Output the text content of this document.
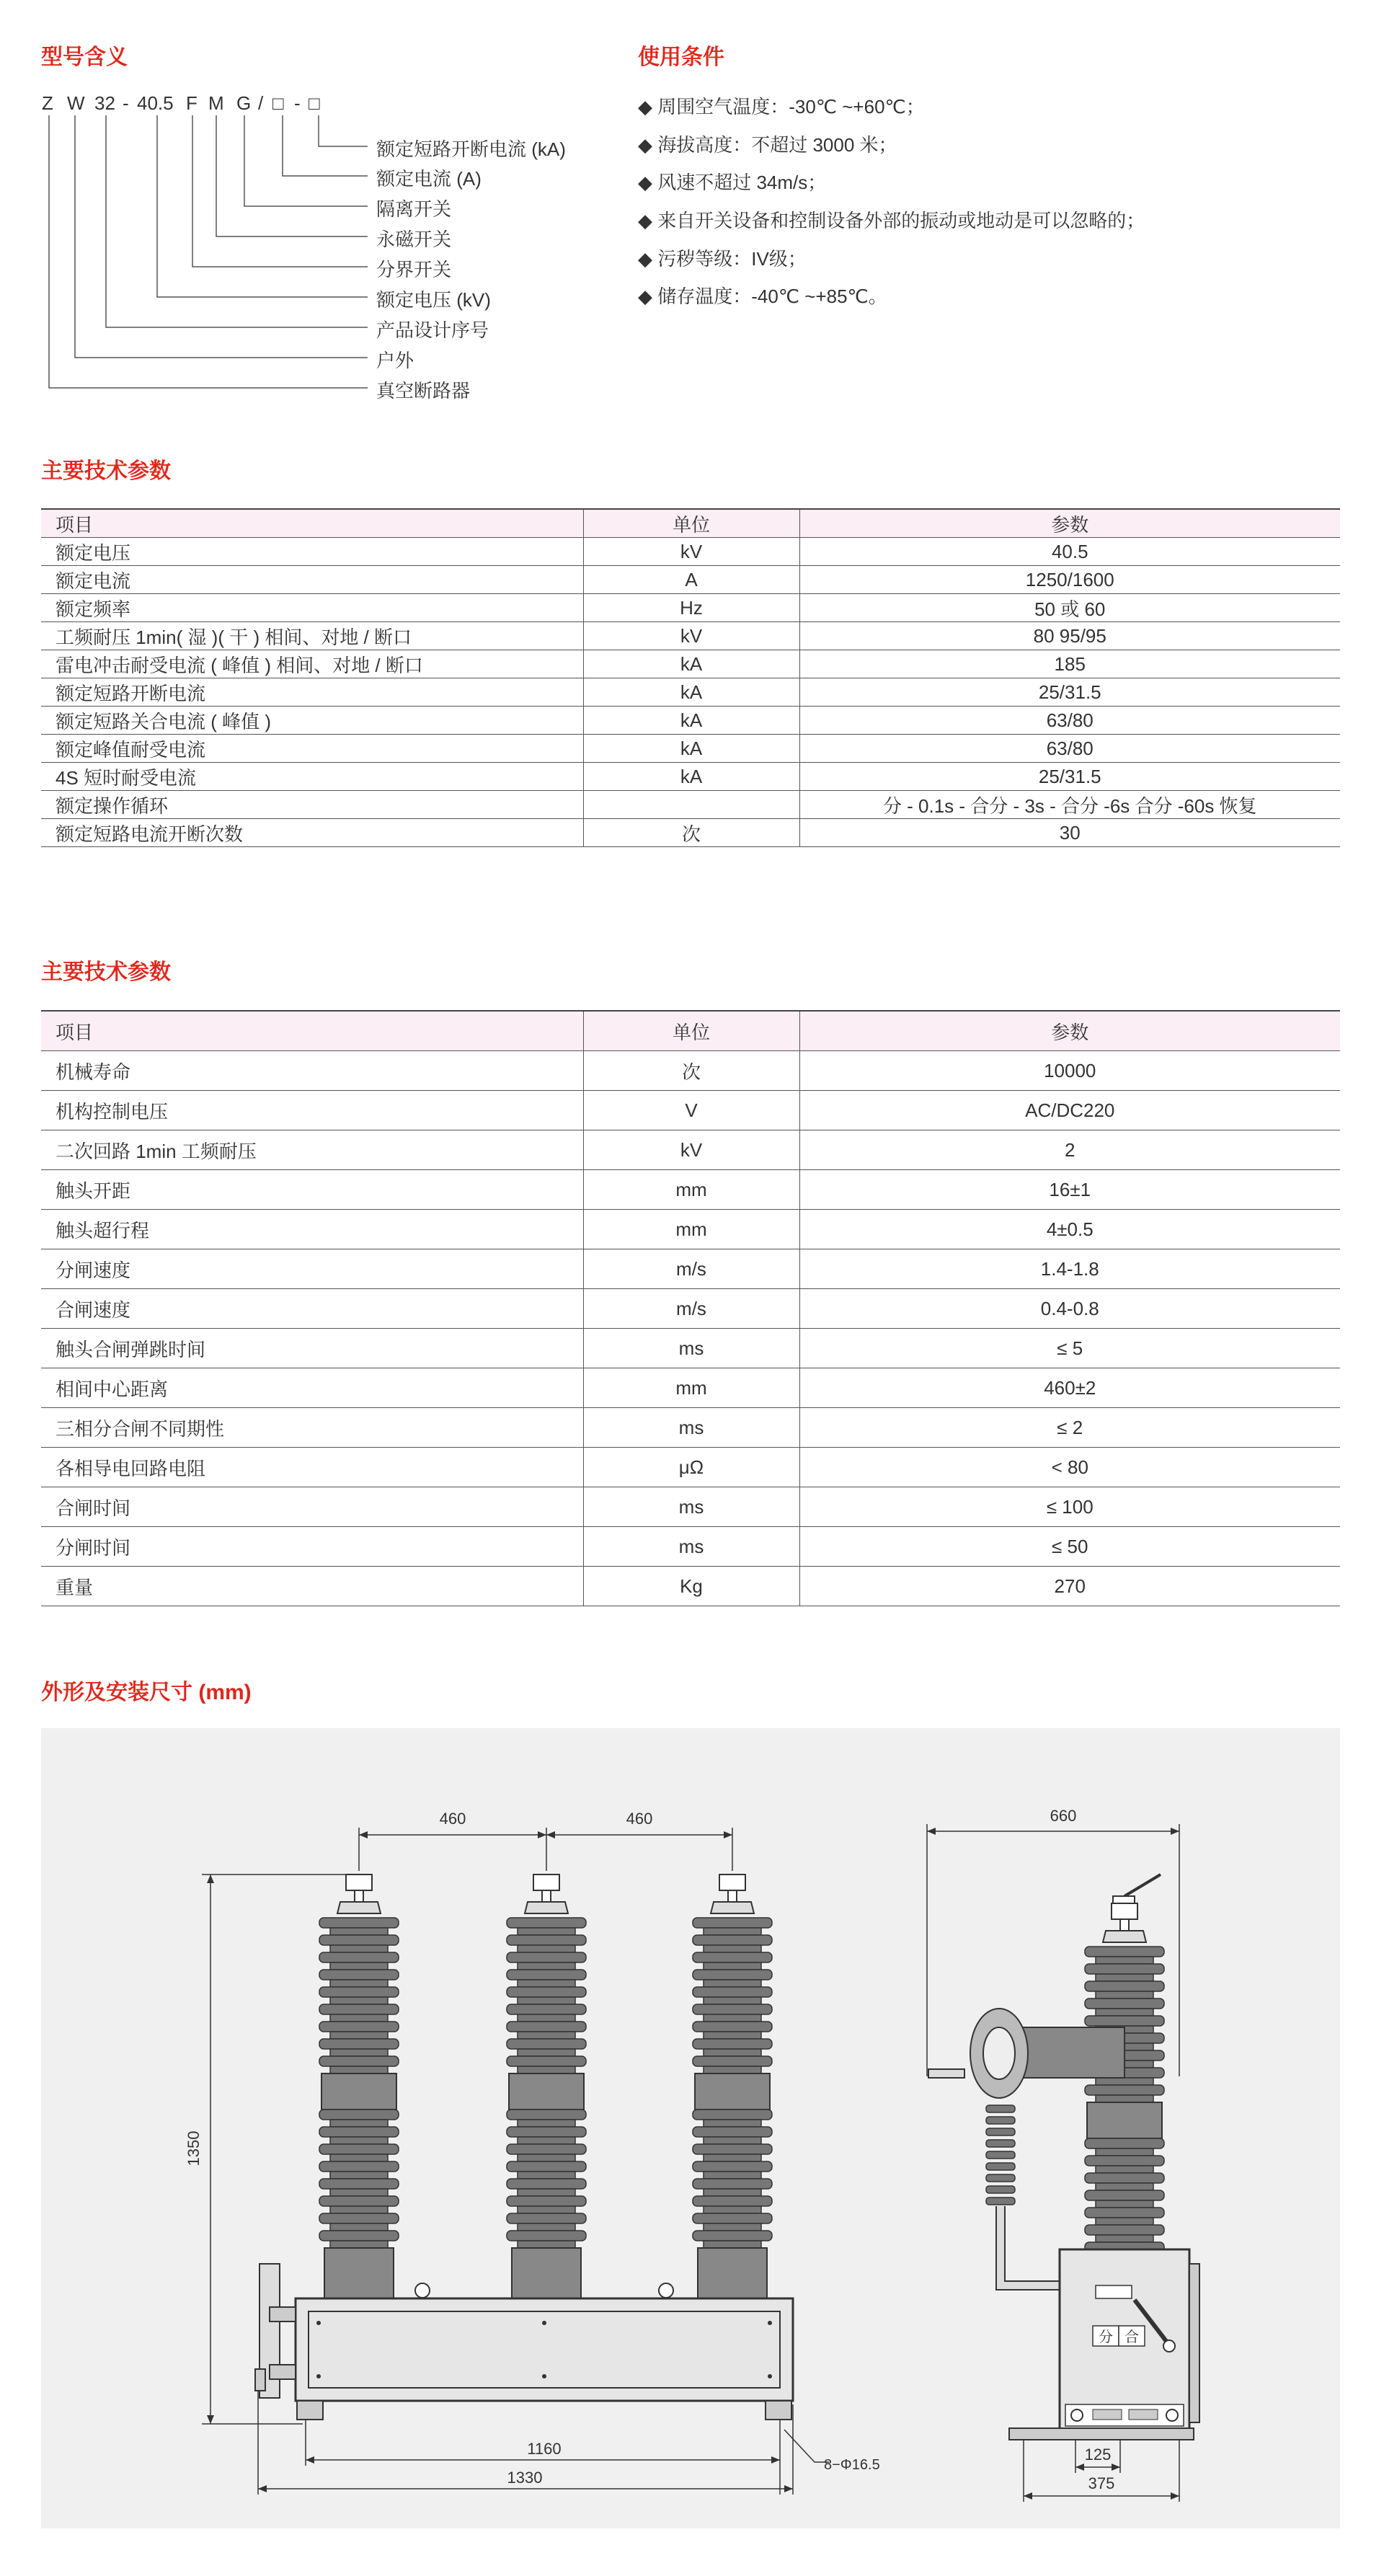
型号含义
Z W 32 - 40.5 F M G / □ - □
额定短路开断电流 (kA)
额定电流 (A)
隔离开关
永磁开关
分界开关
额定电压 (kV)
产品设计序号
户外
真空断路器
使用条件
◆ 周围空气温度：-30℃ ~+60℃；
◆ 海拔高度：不超过 3000 米；
◆ 风速不超过 34m/s；
◆ 来自开关设备和控制设备外部的振动或地动是可以忽略的；
◆ 污秽等级：IV级；
◆ 储存温度：-40℃ ~+85℃。
主要技术参数
项目	单位	参数
额定电压	kV	40.5
额定电流	A	1250/1600
额定频率	Hz	50 或 60
工频耐压 1min( 湿 )( 干 ) 相间、对地 / 断口	kV	80 95/95
雷电冲击耐受电流 ( 峰值 ) 相间、对地 / 断口	kA	185
额定短路开断电流	kA	25/31.5
额定短路关合电流 ( 峰值 )	kA	63/80
额定峰值耐受电流	kA	63/80
4S 短时耐受电流	kA	25/31.5
额定操作循环		分 - 0.1s - 合分 - 3s - 合分 -6s 合分 -60s 恢复
额定短路电流开断次数	次	30
主要技术参数
项目	单位	参数
机械寿命	次	10000
机构控制电压	V	AC/DC220
二次回路 1min 工频耐压	kV	2
触头开距	mm	16±1
触头超行程	mm	4±0.5
分闸速度	m/s	1.4-1.8
合闸速度	m/s	0.4-0.8
触头合闸弹跳时间	ms	≤ 5
相间中心距离	mm	460±2
三相分合闸不同期性	ms	≤ 2
各相导电回路电阻	μΩ	< 80
合闸时间	ms	≤ 100
分闸时间	ms	≤ 50
重量	Kg	270
外形及安装尺寸 (mm)
460	460
1350
1160
1330
8−Φ16.5
660
125
375
分 合
